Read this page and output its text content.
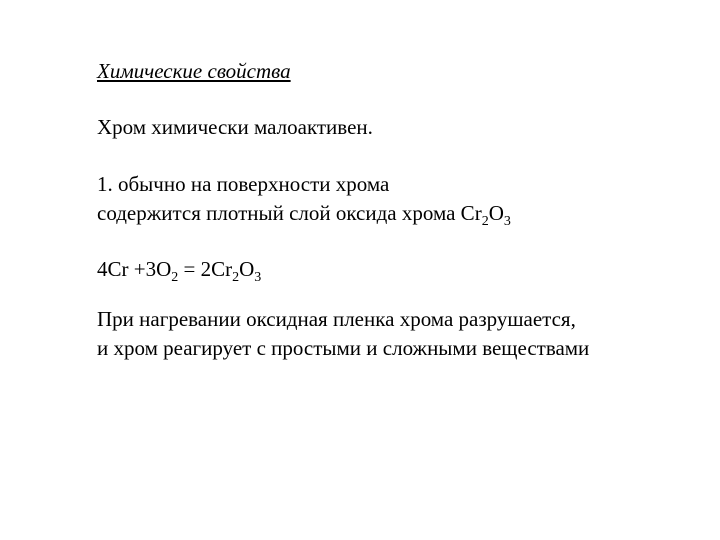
Химические свойства
Хром химически малоактивен.
1. обычно на поверхности хрома
содержится плотный слой оксида хрома $Cr_2O_3$
$4Cr +3O_2 = 2Cr_2O_3$
При нагревании оксидная пленка хрома разрушается,
и хром реагирует с простыми и сложными веществами
